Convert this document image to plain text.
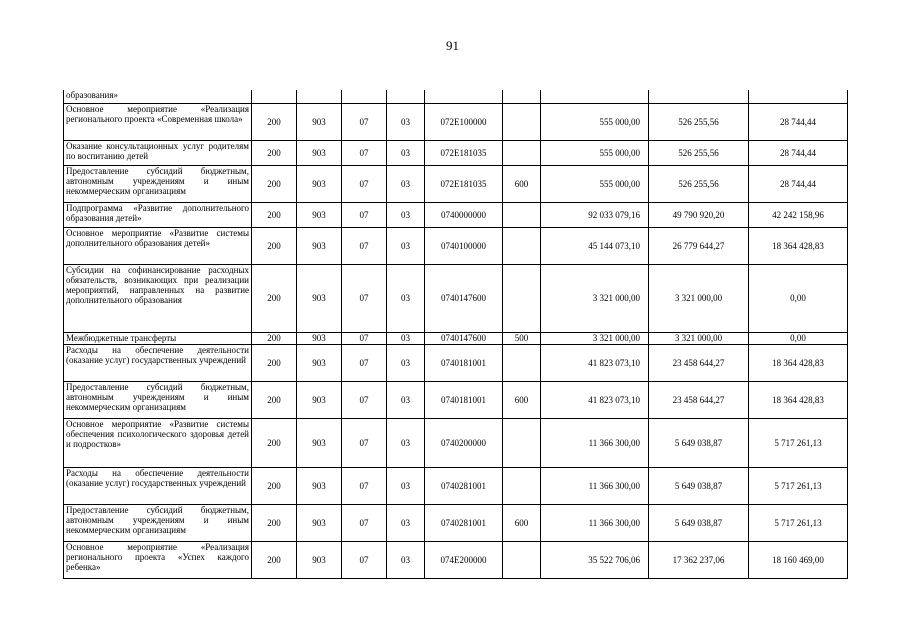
91
образования»									
Основное мероприятие «Реализация регионального проекта «Современная школа»	200	903	07	03	072E100000		555 000,00	526 255,56	28 744,44
Оказание консультационных услуг родителям по воспитанию детей	200	903	07	03	072E181035		555 000,00	526 255,56	28 744,44
Предоставление субсидий бюджетным, автономным учреждениям и иным некоммерческим организациям	200	903	07	03	072E181035	600	555 000,00	526 255,56	28 744,44
Подпрограмма «Развитие дополнительного образования детей»	200	903	07	03	0740000000		92 033 079,16	49 790 920,20	42 242 158,96
Основное мероприятие «Развитие системы дополнительного образования детей»	200	903	07	03	0740100000		45 144 073,10	26 779 644,27	18 364 428,83
Субсидии на софинансирование расходных обязательств, возникающих при реализации мероприятий, направленных на развитие дополнительного образования	200	903	07	03	0740147600		3 321 000,00	3 321 000,00	0,00
Межбюджетные трансферты	200	903	07	03	0740147600	500	3 321 000,00	3 321 000,00	0,00
Расходы на обеспечение деятельности (оказание услуг) государственных учреждений	200	903	07	03	0740181001		41 823 073,10	23 458 644,27	18 364 428,83
Предоставление субсидий бюджетным, автономным учреждениям и иным некоммерческим организациям	200	903	07	03	0740181001	600	41 823 073,10	23 458 644,27	18 364 428,83
Основное мероприятие «Развитие системы обеспечения психологического здоровья детей и подростков»	200	903	07	03	0740200000		11 366 300,00	5 649 038,87	5 717 261,13
Расходы на обеспечение деятельности (оказание услуг) государственных учреждений	200	903	07	03	0740281001		11 366 300,00	5 649 038,87	5 717 261,13
Предоставление субсидий бюджетным, автономным учреждениям и иным некоммерческим организациям	200	903	07	03	0740281001	600	11 366 300,00	5 649 038,87	5 717 261,13
Основное мероприятие «Реализация регионального проекта «Успех каждого ребенка»	200	903	07	03	074E200000		35 522 706,06	17 362 237,06	18 160 469,00
